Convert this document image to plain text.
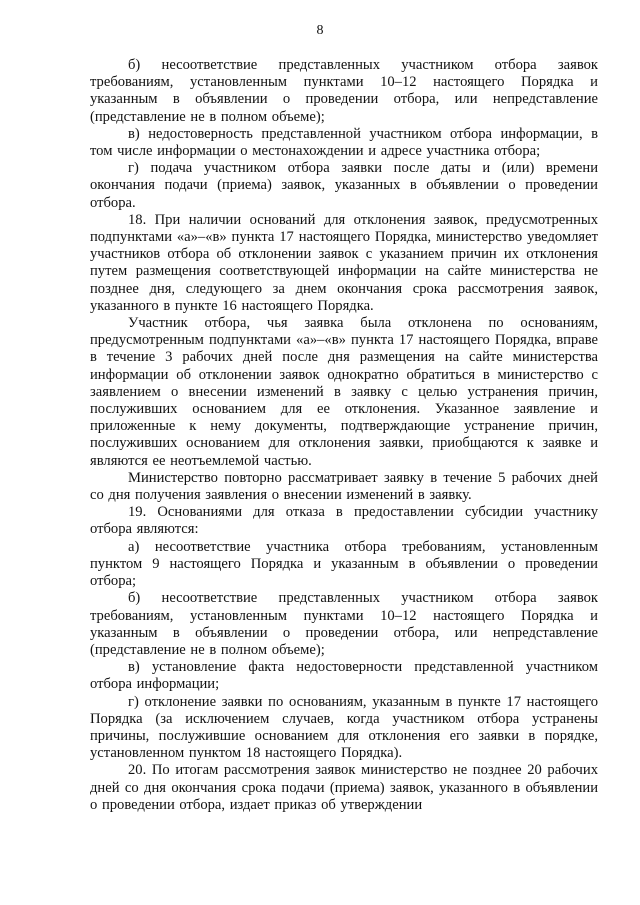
8

б) несоответствие представленных участником отбора заявок требованиям, установленным пунктами 10–12 настоящего Порядка и указанным в объявлении о проведении отбора, или непредставление (представление не в полном объеме);

в) недостоверность представленной участником отбора информации, в том числе информации о местонахождении и адресе участника отбора;

г) подача участником отбора заявки после даты и (или) времени окончания подачи (приема) заявок, указанных в объявлении о проведении отбора.

18. При наличии оснований для отклонения заявок, предусмотренных подпунктами «а»–«в» пункта 17 настоящего Порядка, министерство уведомляет участников отбора об отклонении заявок с указанием причин их отклонения путем размещения соответствующей информации на сайте министерства не позднее дня, следующего за днем окончания срока рассмотрения заявок, указанного в пункте 16 настоящего Порядка.

Участник отбора, чья заявка была отклонена по основаниям, предусмотренным подпунктами «а»–«в» пункта 17 настоящего Порядка, вправе в течение 3 рабочих дней после дня размещения на сайте министерства информации об отклонении заявок однократно обратиться в министерство с заявлением о внесении изменений в заявку с целью устранения причин, послуживших основанием для ее отклонения. Указанное заявление и приложенные к нему документы, подтверждающие устранение причин, послуживших основанием для отклонения заявки, приобщаются к заявке и являются ее неотъемлемой частью.

Министерство повторно рассматривает заявку в течение 5 рабочих дней со дня получения заявления о внесении изменений в заявку.

19. Основаниями для отказа в предоставлении субсидии участнику отбора являются:

а) несоответствие участника отбора требованиям, установленным пунктом 9 настоящего Порядка и указанным в объявлении о проведении отбора;

б) несоответствие представленных участником отбора заявок требованиям, установленным пунктами 10–12 настоящего Порядка и указанным в объявлении о проведении отбора, или непредставление (представление не в полном объеме);

в) установление факта недостоверности представленной участником отбора информации;

г) отклонение заявки по основаниям, указанным в пункте 17 настоящего Порядка (за исключением случаев, когда участником отбора устранены причины, послужившие основанием для отклонения его заявки в порядке, установленном пунктом 18 настоящего Порядка).

20. По итогам рассмотрения заявок министерство не позднее 20 рабочих дней со дня окончания срока подачи (приема) заявок, указанного в объявлении о проведении отбора, издает приказ об утверждении
